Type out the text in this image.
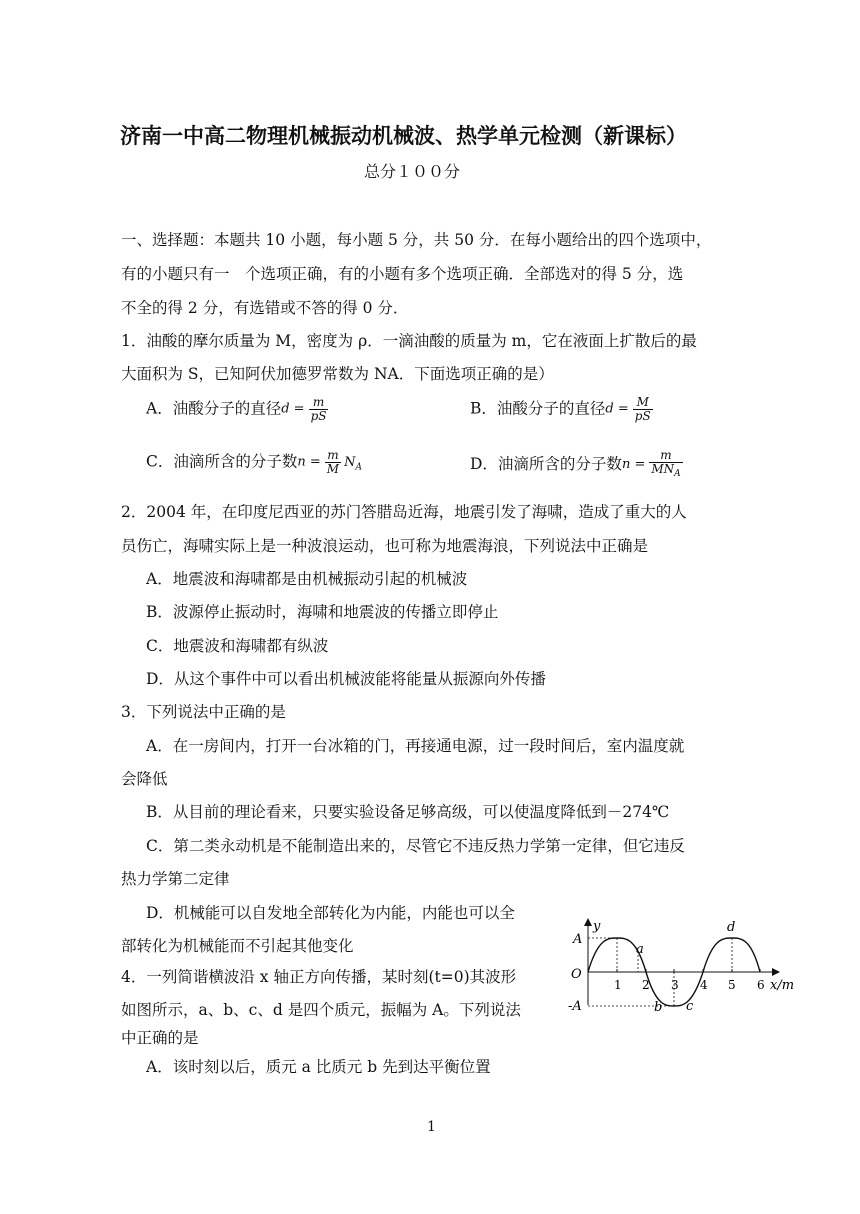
济南一中高二物理机械振动机械波、热学单元检测（新课标）
总分１００分
一、选择题：本题共 10 小题，每小题 5 分，共 50 分．在每小题给出的四个选项中，
有的小题只有一　个选项正确，有的小题有多个选项正确．全部选对的得 5 分，选
不全的得 2 分，有选错或不答的得 0 分．
1．油酸的摩尔质量为 M，密度为 ρ．一滴油酸的质量为 m，它在液面上扩散后的最
大面积为 S，已知阿伏加德罗常数为 NA．下面选项正确的是）
A．油酸分子的直径$d = \frac{m}{pS}$	B．油酸分子的直径$d = \frac{M}{pS}$
C．油滴所含的分子数$n = \frac{m}{M}$ NA	D．油滴所含的分子数$n = \frac{m}{MN_A}$
2．2004 年，在印度尼西亚的苏门答腊岛近海，地震引发了海啸，造成了重大的人
员伤亡，海啸实际上是一种波浪运动，也可称为地震海浪，下列说法中正确是
A．地震波和海啸都是由机械振动引起的机械波
B．波源停止振动时，海啸和地震波的传播立即停止
C．地震波和海啸都有纵波
D．从这个事件中可以看出机械波能将能量从振源向外传播
3．下列说法中正确的是
A．在一房间内，打开一台冰箱的门，再接通电源，过一段时间后，室内温度就
会降低
B．从目前的理论看来，只要实验设备足够高级，可以使温度降低到－274℃
C．第二类永动机是不能制造出来的，尽管它不违反热力学第一定律，但它违反
热力学第二定律
D．机械能可以自发地全部转化为内能，内能也可以全
部转化为机械能而不引起其他变化
4．一列简谐横波沿 x 轴正方向传播，某时刻(t=0)其波形
如图所示，a、b、c、d 是四个质元，振幅为 A。下列说法
中正确的是
A．该时刻以后，质元 a 比质元 b 先到达平衡位置
1 2 3 4 5 6 x/m
y
O
A
-A
a
b c
d
1
